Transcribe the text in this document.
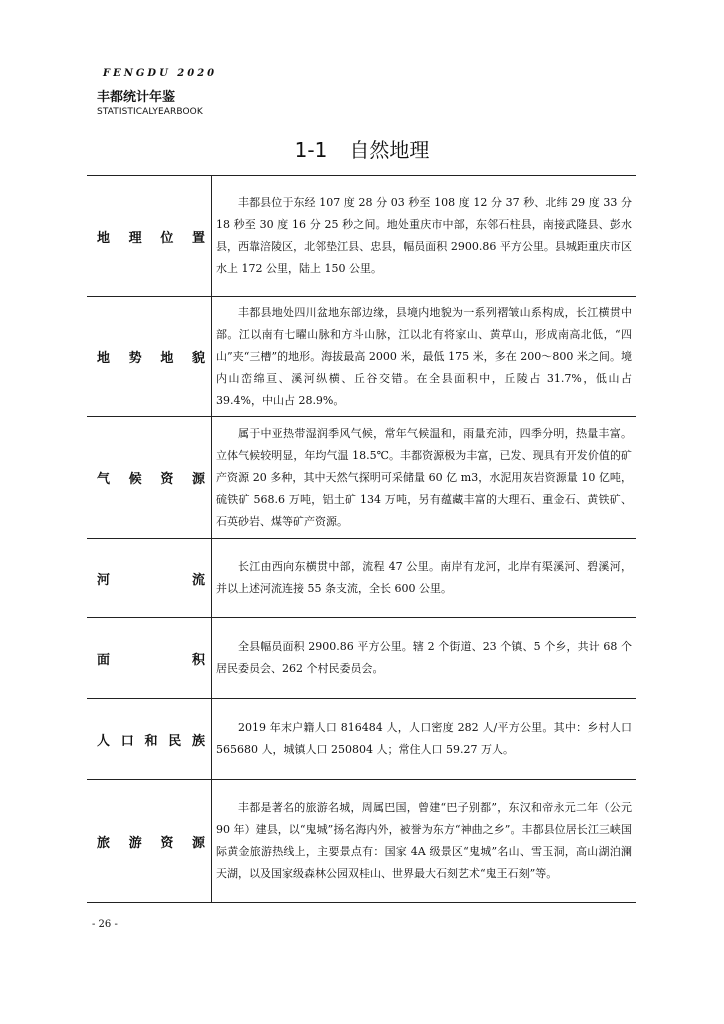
FENGDU 2020
丰都统计年鉴
STATISTICALYEARBOOK
1-1 自然地理
地 理 位 置	丰都县位于东经 107 度 28 分 03 秒至 108 度 12 分 37 秒、北纬 29 度 33 分 18 秒至 30 度 16 分 25 秒之间。地处重庆市中部，东邻石柱县，南接武隆县、彭水县，西靠涪陵区，北邻垫江县、忠县，幅员面积 2900.86 平方公里。县城距重庆市区水上 172 公里，陆上 150 公里。

地 势 地 貌	丰都县地处四川盆地东部边缘，县境内地貌为一系列褶皱山系构成，长江横贯中部。江以南有七曜山脉和方斗山脉，江以北有将家山、黄草山，形成南高北低，“四山”夹“三槽”的地形。海拔最高 2000 米，最低 175 米，多在 200～800 米之间。境内山峦绵亘、溪河纵横、丘谷交错。在全县面积中，丘陵占 31.7%，低山占 39.4%，中山占 28.9%。

气 候 资 源	属于中亚热带湿润季风气候，常年气候温和，雨量充沛，四季分明，热量丰富。立体气候较明显，年均气温 18.5℃。丰都资源极为丰富，已发、现具有开发价值的矿产资源 20 多种，其中天然气探明可采储量 60 亿 m3，水泥用灰岩资源量 10 亿吨，硫铁矿 568.6 万吨，铝土矿 134 万吨，另有蕴藏丰富的大理石、重金石、黄铁矿、石英砂岩、煤等矿产资源。

河 流	长江由西向东横贯中部，流程 47 公里。南岸有龙河，北岸有渠溪河、碧溪河，并以上述河流连接 55 条支流，全长 600 公里。

面 积	全县幅员面积 2900.86 平方公里。辖 2 个街道、23 个镇、5 个乡，共计 68 个居民委员会、262 个村民委员会。

人 口 和 民 族	2019 年末户籍人口 816484 人，人口密度 282 人/平方公里。其中：乡村人口 565680 人，城镇人口 250804 人；常住人口 59.27 万人。

旅 游 资 源	丰都是著名的旅游名城，周属巴国，曾建“巴子别都”，东汉和帝永元二年（公元 90 年）建县，以“鬼城”扬名海内外，被誉为东方“神曲之乡”。丰都县位居长江三峡国际黄金旅游热线上，主要景点有：国家 4A 级景区“鬼城”名山、雪玉洞，高山湖泊澜天湖，以及国家级森林公园双桂山、世界最大石刻艺术“鬼王石刻”等。
- 26 -
